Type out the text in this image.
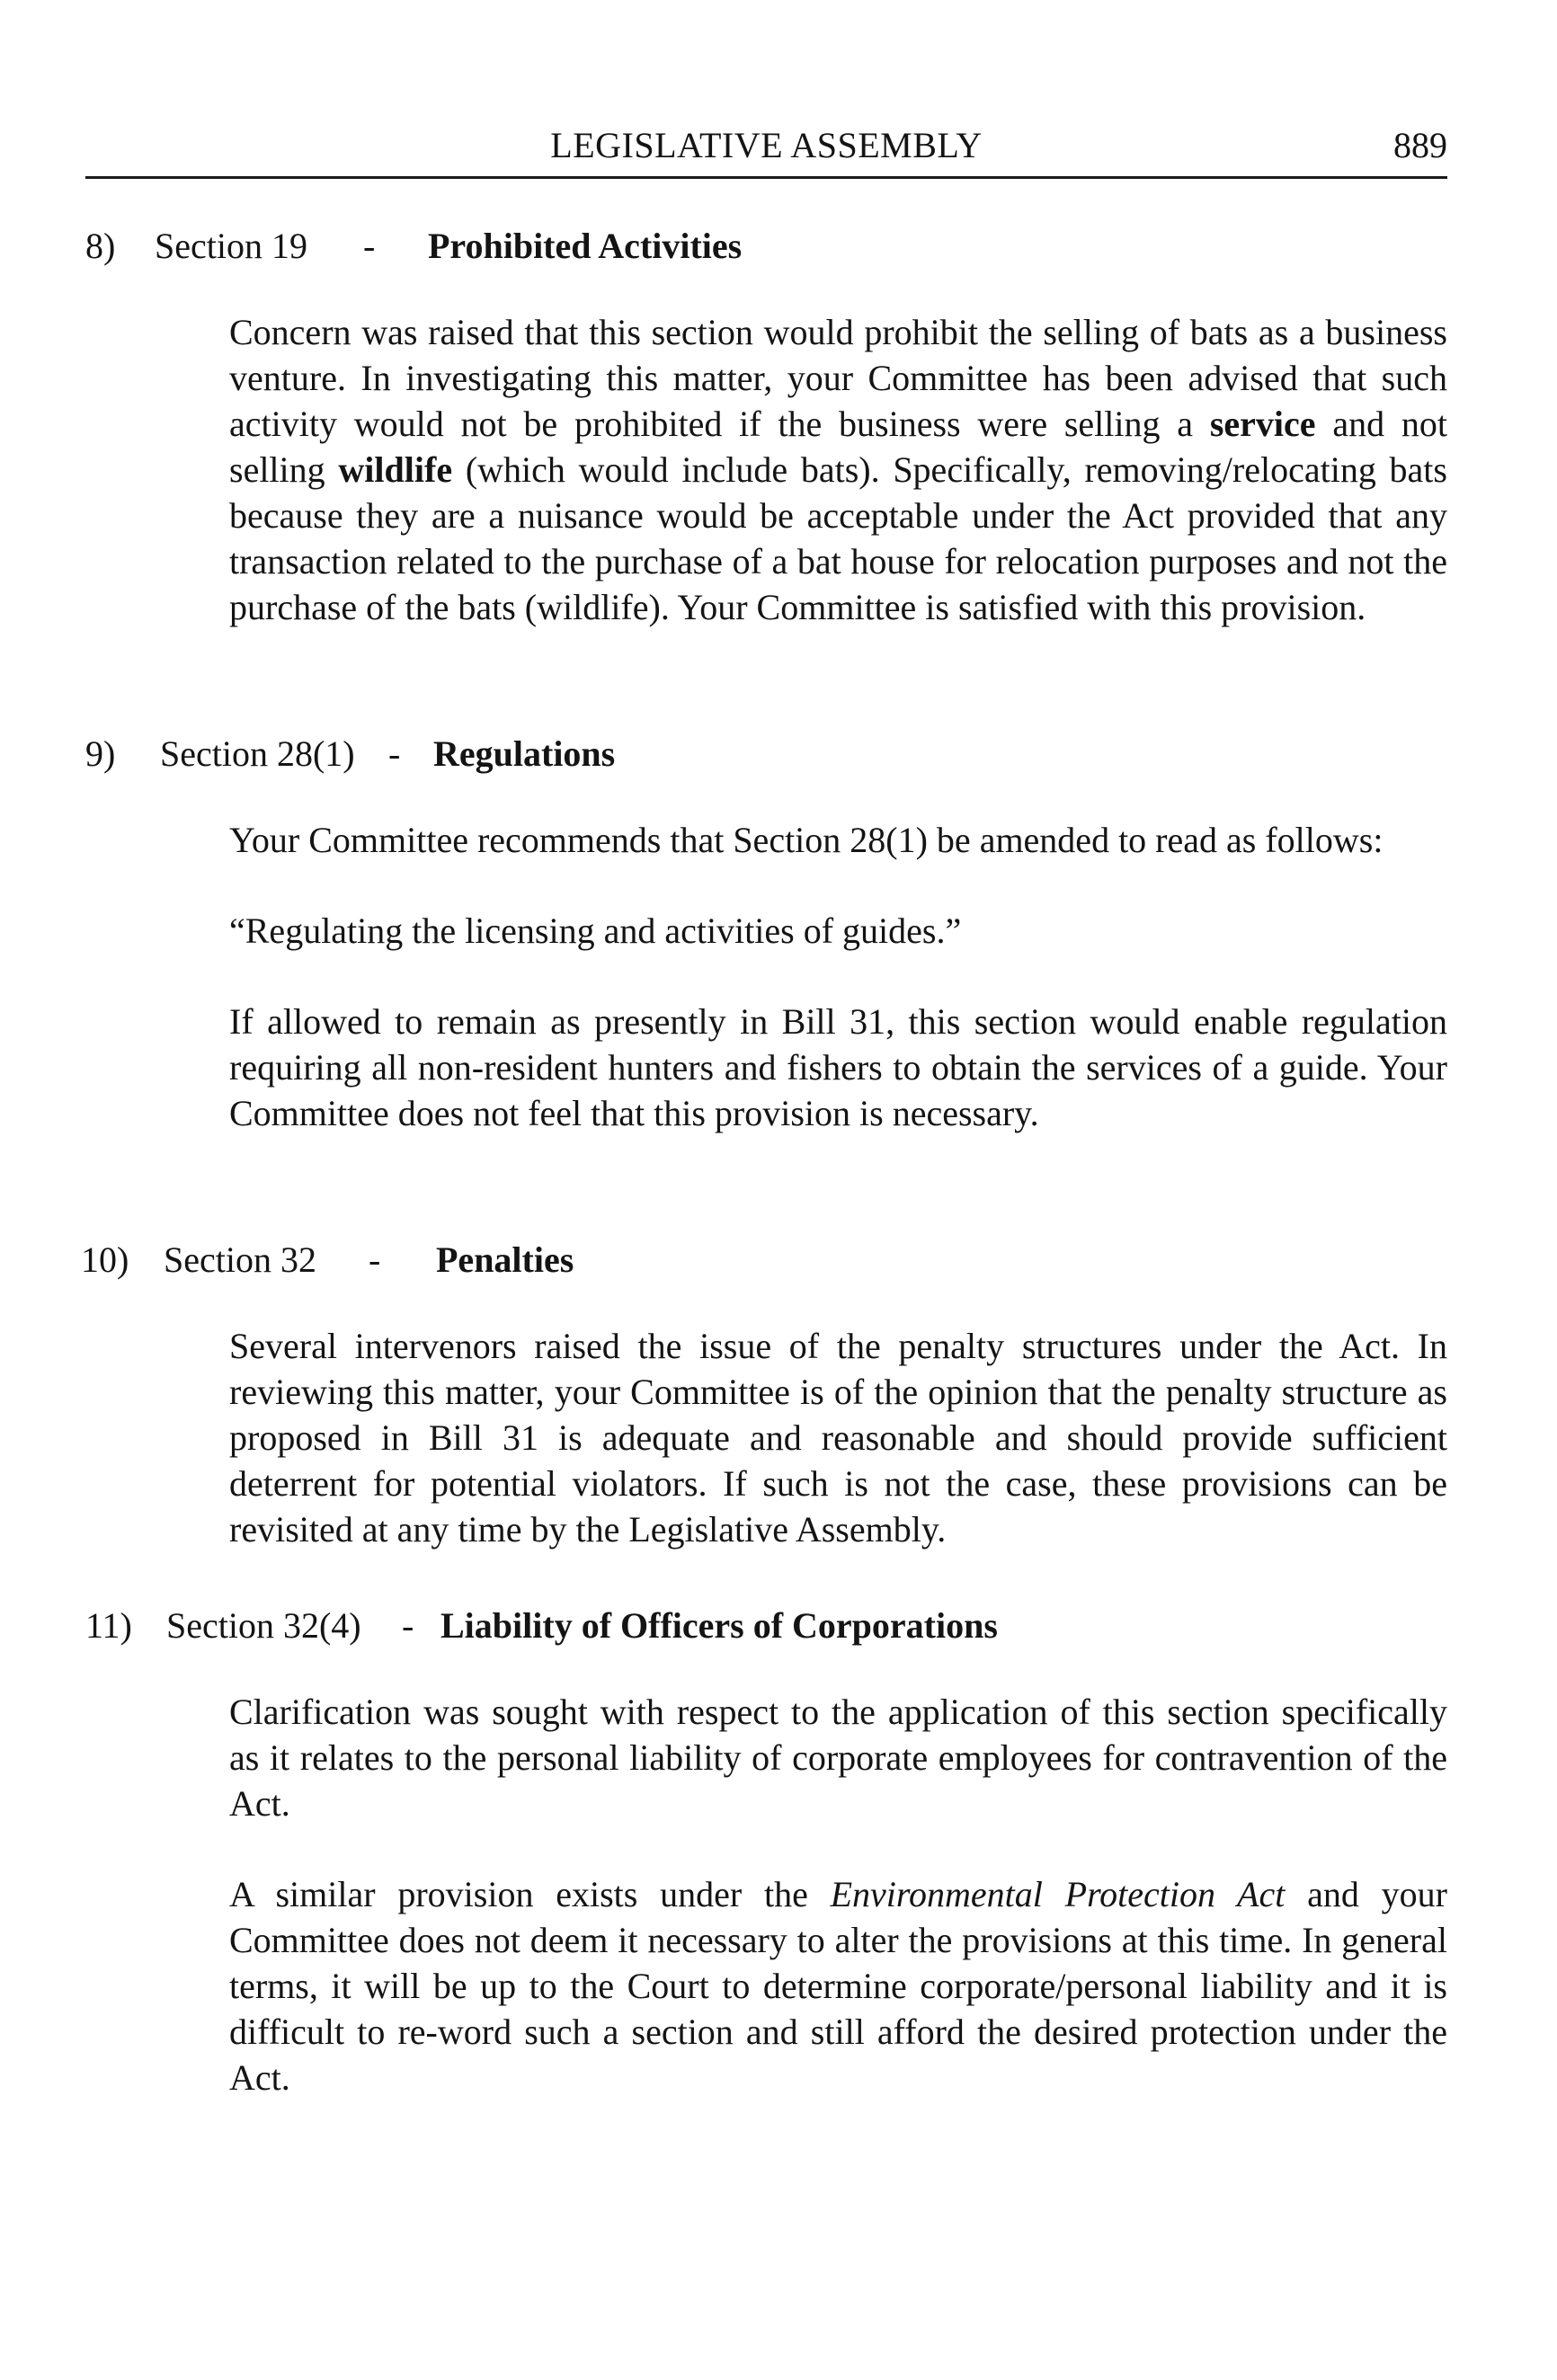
LEGISLATIVE ASSEMBLY	889
8) Section 19 - Prohibited Activities

Concern was raised that this section would prohibit the selling of bats as a business venture. In investigating this matter, your Committee has been advised that such activity would not be prohibited if the business were selling a service and not selling wildlife (which would include bats). Specifically, removing/relocating bats because they are a nuisance would be acceptable under the Act provided that any transaction related to the purchase of a bat house for relocation purposes and not the purchase of the bats (wildlife). Your Committee is satisfied with this provision.

9) Section 28(1) - Regulations

Your Committee recommends that Section 28(1) be amended to read as follows:

“Regulating the licensing and activities of guides.”

If allowed to remain as presently in Bill 31, this section would enable regulation requiring all non-resident hunters and fishers to obtain the services of a guide. Your Committee does not feel that this provision is necessary.

10) Section 32 - Penalties

Several intervenors raised the issue of the penalty structures under the Act. In reviewing this matter, your Committee is of the opinion that the penalty structure as proposed in Bill 31 is adequate and reasonable and should provide sufficient deterrent for potential violators. If such is not the case, these provisions can be revisited at any time by the Legislative Assembly.

11) Section 32(4) - Liability of Officers of Corporations

Clarification was sought with respect to the application of this section specifically as it relates to the personal liability of corporate employees for contravention of the Act.

A similar provision exists under the Environmental Protection Act and your Committee does not deem it necessary to alter the provisions at this time. In general terms, it will be up to the Court to determine corporate/personal liability and it is difficult to re-word such a section and still afford the desired protection under the Act.
